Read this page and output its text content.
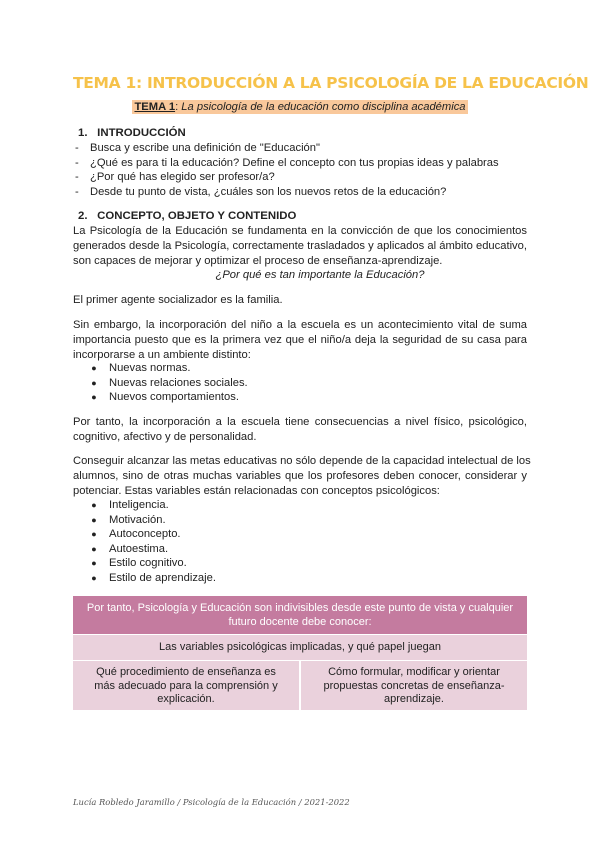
TEMA 1: INTRODUCCIÓN A LA PSICOLOGÍA DE LA EDUCACIÓN
TEMA 1: La psicología de la educación como disciplina académica
1. INTRODUCCIÓN
- Busca y escribe una definición de "Educación"
- ¿Qué es para ti la educación? Define el concepto con tus propias ideas y palabras
- ¿Por qué has elegido ser profesor/a?
- Desde tu punto de vista, ¿cuáles son los nuevos retos de la educación?
2. CONCEPTO, OBJETO Y CONTENIDO
La Psicología de la Educación se fundamenta en la convicción de que los conocimientos
generados desde la Psicología, correctamente trasladados y aplicados al ámbito educativo,
son capaces de mejorar y optimizar el proceso de enseñanza-aprendizaje.
¿Por qué es tan importante la Educación?
El primer agente socializador es la familia.
Sin embargo, la incorporación del niño a la escuela es un acontecimiento vital de suma
importancia puesto que es la primera vez que el niño/a deja la seguridad de su casa para
incorporarse a un ambiente distinto:
● Nuevas normas.
● Nuevas relaciones sociales.
● Nuevos comportamientos.
Por tanto, la incorporación a la escuela tiene consecuencias a nivel físico, psicológico,
cognitivo, afectivo y de personalidad.
Conseguir alcanzar las metas educativas no sólo depende de la capacidad intelectual de los
alumnos, sino de otras muchas variables que los profesores deben conocer, considerar y
potenciar. Estas variables están relacionadas con conceptos psicológicos:
● Inteligencia.
● Motivación.
● Autoconcepto.
● Autoestima.
● Estilo cognitivo.
● Estilo de aprendizaje.
Por tanto, Psicología y Educación son indivisibles desde este punto de vista y cualquier futuro docente debe conocer:
Las variables psicológicas implicadas, y qué papel juegan
Qué procedimiento de enseñanza es más adecuado para la comprensión y explicación.
Cómo formular, modificar y orientar propuestas concretas de enseñanza-aprendizaje.
Lucía Robledo Jaramillo / Psicología de la Educación / 2021-2022
